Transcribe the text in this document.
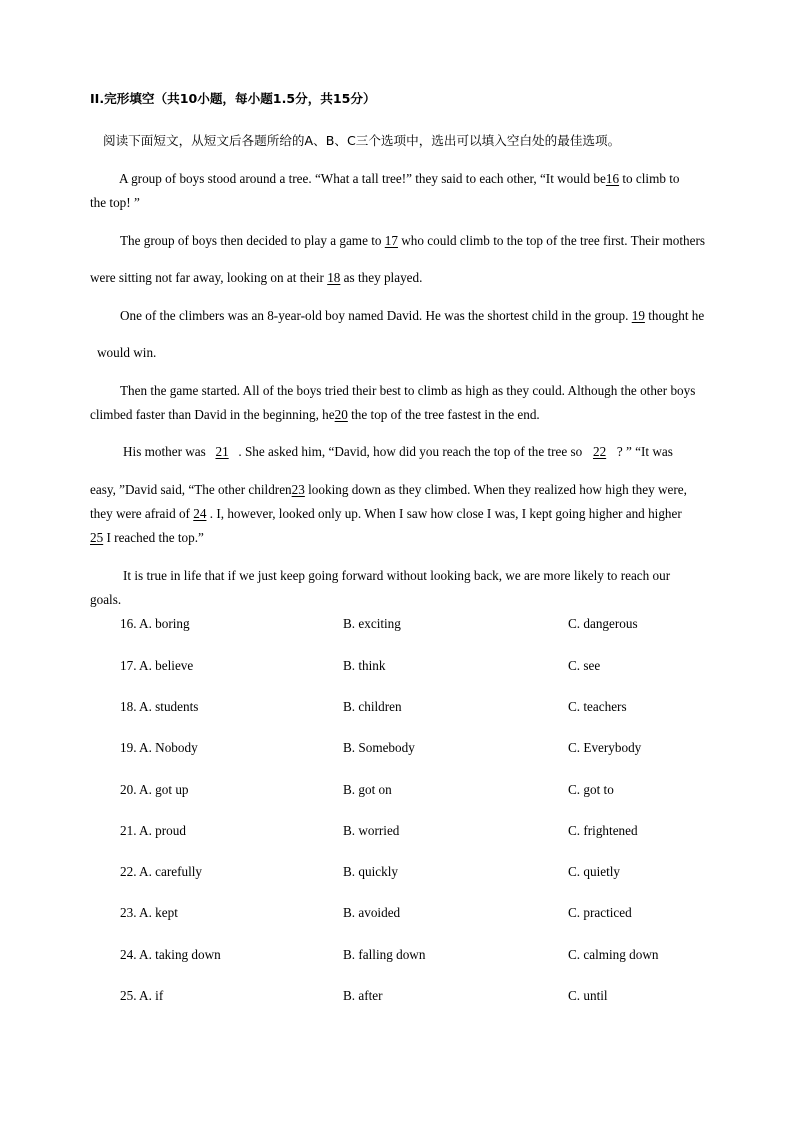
II.完形填空（共10小题，每小题1.5分，共15分）
阅读下面短文，从短文后各题所给的A、B、C三个选项中，选出可以填入空白处的最佳选项。
A group of boys stood around a tree. “What a tall tree!” they said to each other, “It would be16 to climb to
the top! ”
The group of boys then decided to play a game to 17 who could climb to the top of the tree first. Their mothers
were sitting not far away, looking on at their 18 as they played.
One of the climbers was an 8-year-old boy named David. He was the shortest child in the group. 19 thought he
would win.
Then the game started. All of the boys tried their best to climb as high as they could. Although the other boys
climbed faster than David in the beginning, he20 the top of the tree fastest in the end.
His mother was 21 . She asked him, “David, how did you reach the top of the tree so 22 ? ” “It was
easy, ”David said, “The other children23 looking down as they climbed. When they realized how high they were,
they were afraid of 24 . I, however, looked only up. When I saw how close I was, I kept going higher and higher
25 I reached the top.”
It is true in life that if we just keep going forward without looking back, we are more likely to reach our
goals.
16. A. boring	B. exciting	C. dangerous
17. A. believe	B. think	C. see
18. A. students	B. children	C. teachers
19. A. Nobody	B. Somebody	C. Everybody
20. A. got up	B. got on	C. got to
21. A. proud	B. worried	C. frightened
22. A. carefully	B. quickly	C. quietly
23. A. kept	B. avoided	C. practiced
24. A. taking down	B. falling down	C. calming down
25. A. if	B. after	C. until
